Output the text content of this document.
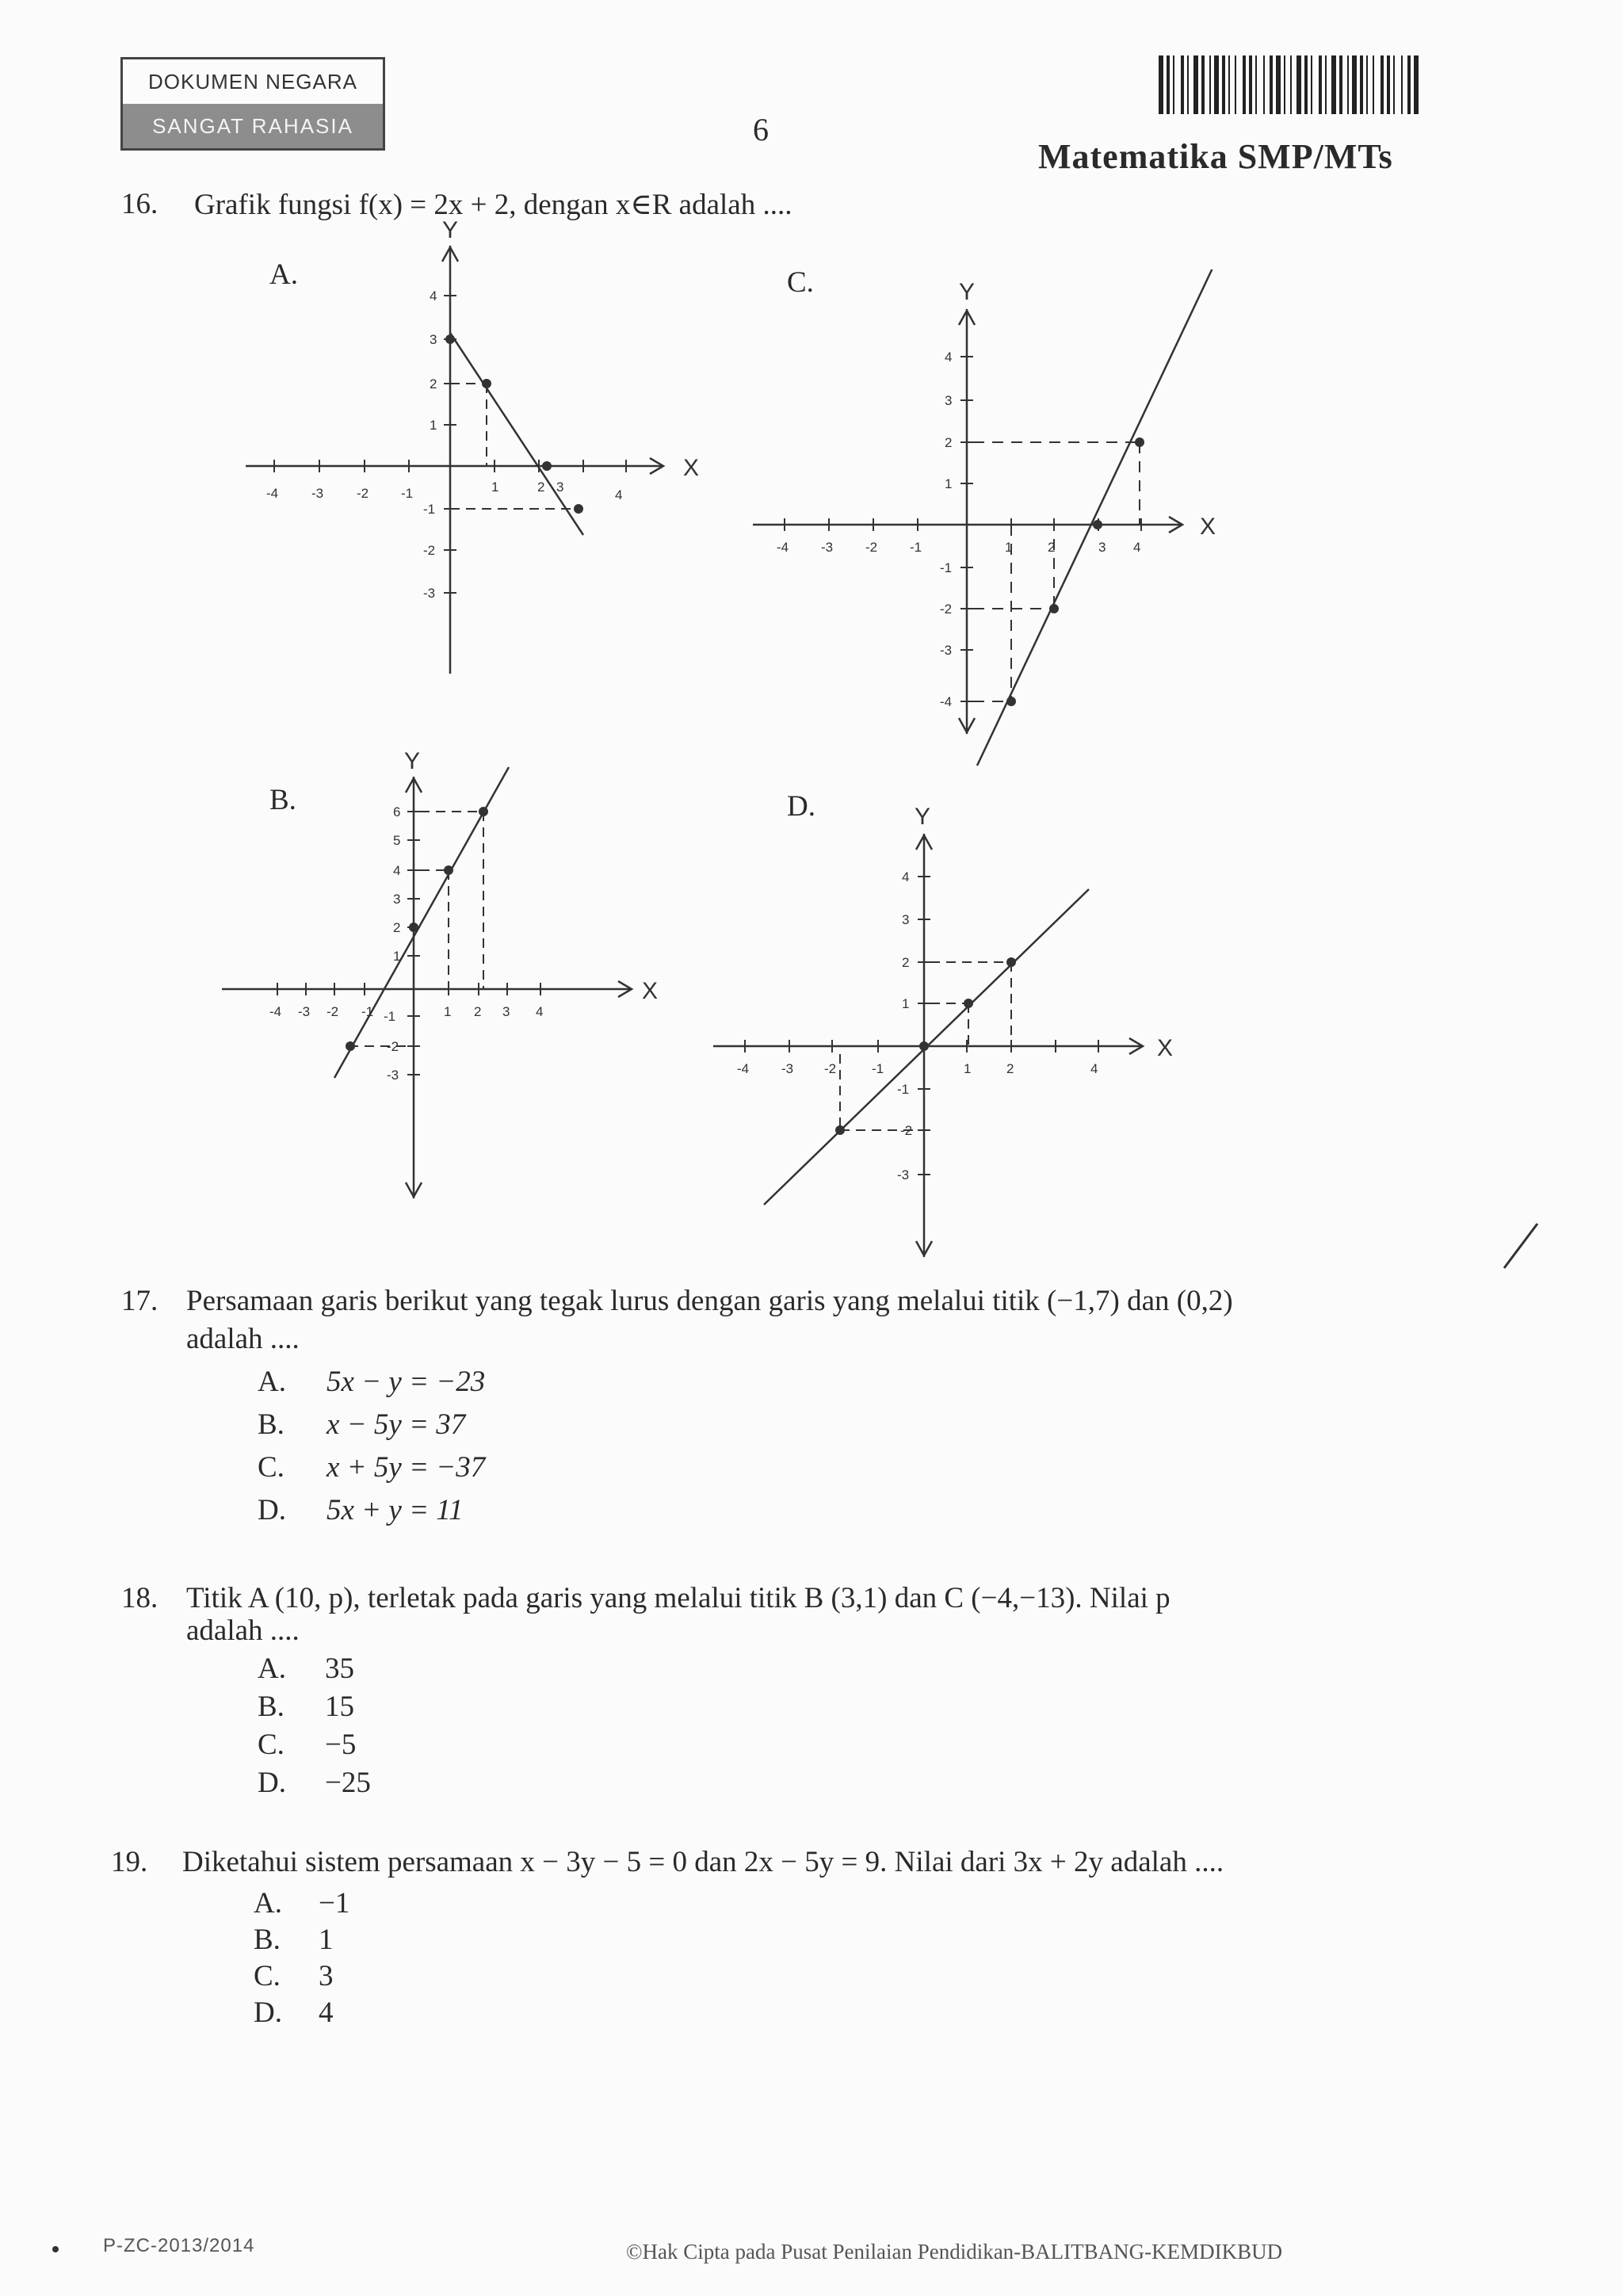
DOKUMEN NEGARA
SANGAT RAHASIA	6
Matematika SMP/MTs
16. Grafik fungsi f(x) = 2x + 2, dengan x∈R adalah ....
A.
-4 -3 -2 -1	1	2 3
4
4
3
2
1
-1
-2
-3
X
Y
C.
-4 -3 -2 -1	1	2	3 4
4
3
2
1
-1
-2
-3
-4
X
Y
B.
-4 -3 -2 -1	1 2 3 4
6
5
4
3
2
1
-1
-2
-3
X
Y
D.
-4 -3 -2	-1	1	2	4
4
3
2
1
-1
-2
-3
X
Y
17. Persamaan garis berikut yang tegak lurus dengan garis yang melalui titik (−1,7) dan (0,2)
adalah ....
A. 5x − y = −23
B. x − 5y = 37
C. x + 5y = −37
D. 5x + y = 11
18. Titik A (10, p), terletak pada garis yang melalui titik B (3,1) dan C (−4,−13). Nilai p
adalah ....
A. 35
B. 15
C. −5
D. −25
19. Diketahui sistem persamaan x − 3y − 5 = 0 dan 2x − 5y = 9. Nilai dari 3x + 2y adalah ....
A. −1
B. 1
C. 3
D. 4
P-ZC-2013/2014	©Hak Cipta pada Pusat Penilaian Pendidikan-BALITBANG-KEMDIKBUD
